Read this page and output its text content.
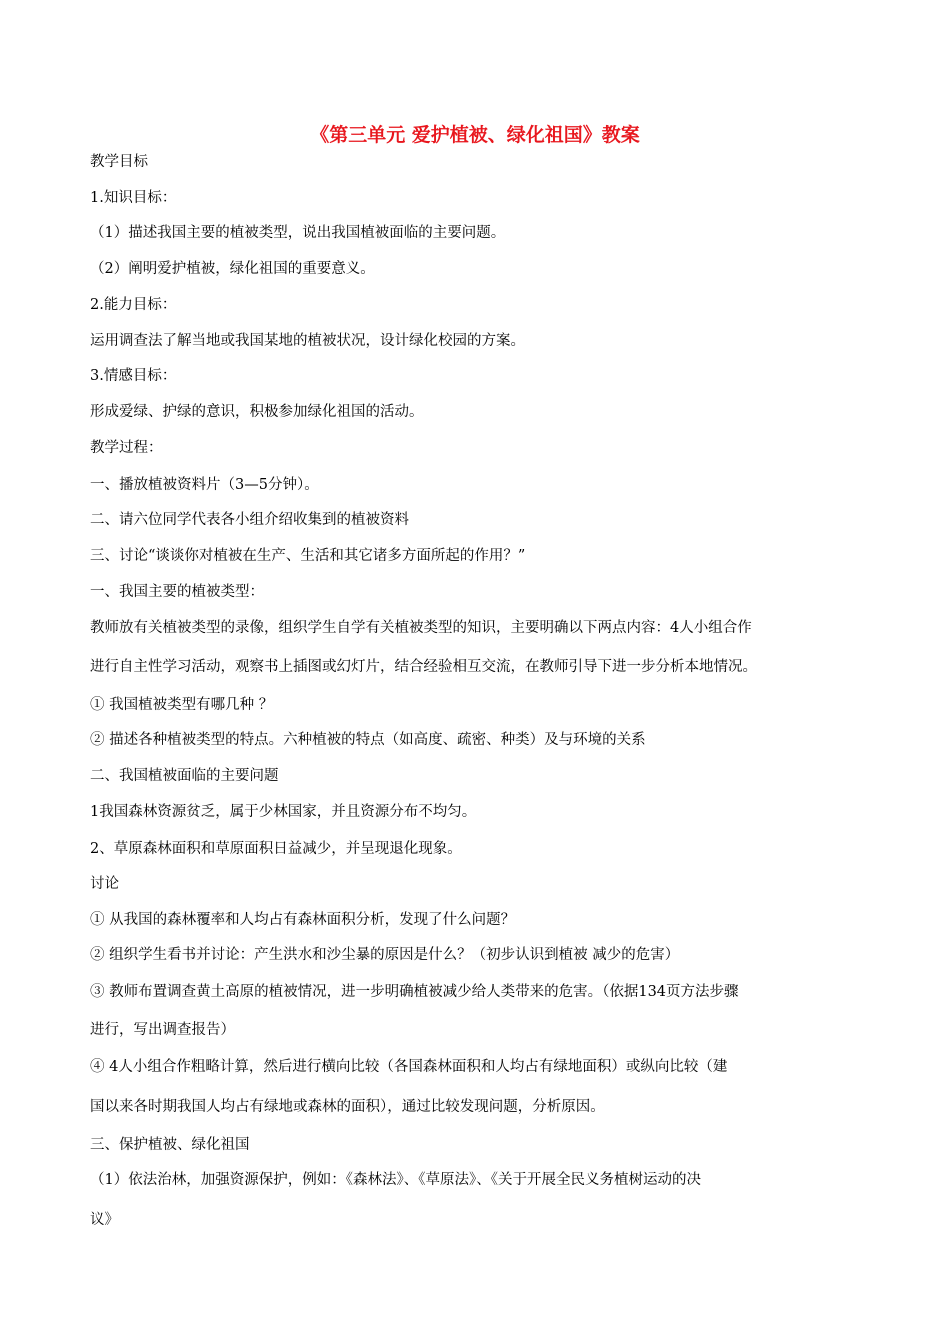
《第三单元 爱护植被、绿化祖国》教案
教学目标
1.知识目标：
（1）描述我国主要的植被类型，说出我国植被面临的主要问题。
（2）阐明爱护植被，绿化祖国的重要意义。
2.能力目标：
运用调查法了解当地或我国某地的植被状况，设计绿化校园的方案。
3.情感目标：
形成爱绿、护绿的意识，积极参加绿化祖国的活动。
教学过程：
一、播放植被资料片（3—5分钟）。
二、请六位同学代表各小组介绍收集到的植被资料
三、讨论“谈谈你对植被在生产、生活和其它诸多方面所起的作用？”
一、我国主要的植被类型：
教师放有关植被类型的录像，组织学生自学有关植被类型的知识，主要明确以下两点内容：4人小组合作
进行自主性学习活动，观察书上插图或幻灯片，结合经验相互交流，在教师引导下进一步分析本地情况。
① 我国植被类型有哪几种 ？
② 描述各种植被类型的特点。六种植被的特点（如高度、疏密、种类）及与环境的关系
二、我国植被面临的主要问题
1我国森林资源贫乏，属于少林国家，并且资源分布不均匀。
2、草原森林面积和草原面积日益减少，并呈现退化现象。
讨论
① 从我国的森林覆率和人均占有森林面积分析，发现了什么问题？
② 组织学生看书并讨论：产生洪水和沙尘暴的原因是什么？（初步认识到植被 减少的危害）
③ 教师布置调查黄土高原的植被情况，进一步明确植被减少给人类带来的危害。（依据134页方法步骤
进行，写出调查报告）
④ 4人小组合作粗略计算，然后进行横向比较（各国森林面积和人均占有绿地面积）或纵向比较（建
国以来各时期我国人均占有绿地或森林的面积），通过比较发现问题，分析原因。
三、保护植被、绿化祖国
（1）依法治林，加强资源保护，例如：《森林法》、《草原法》、《关于开展全民义务植树运动的决
议》
